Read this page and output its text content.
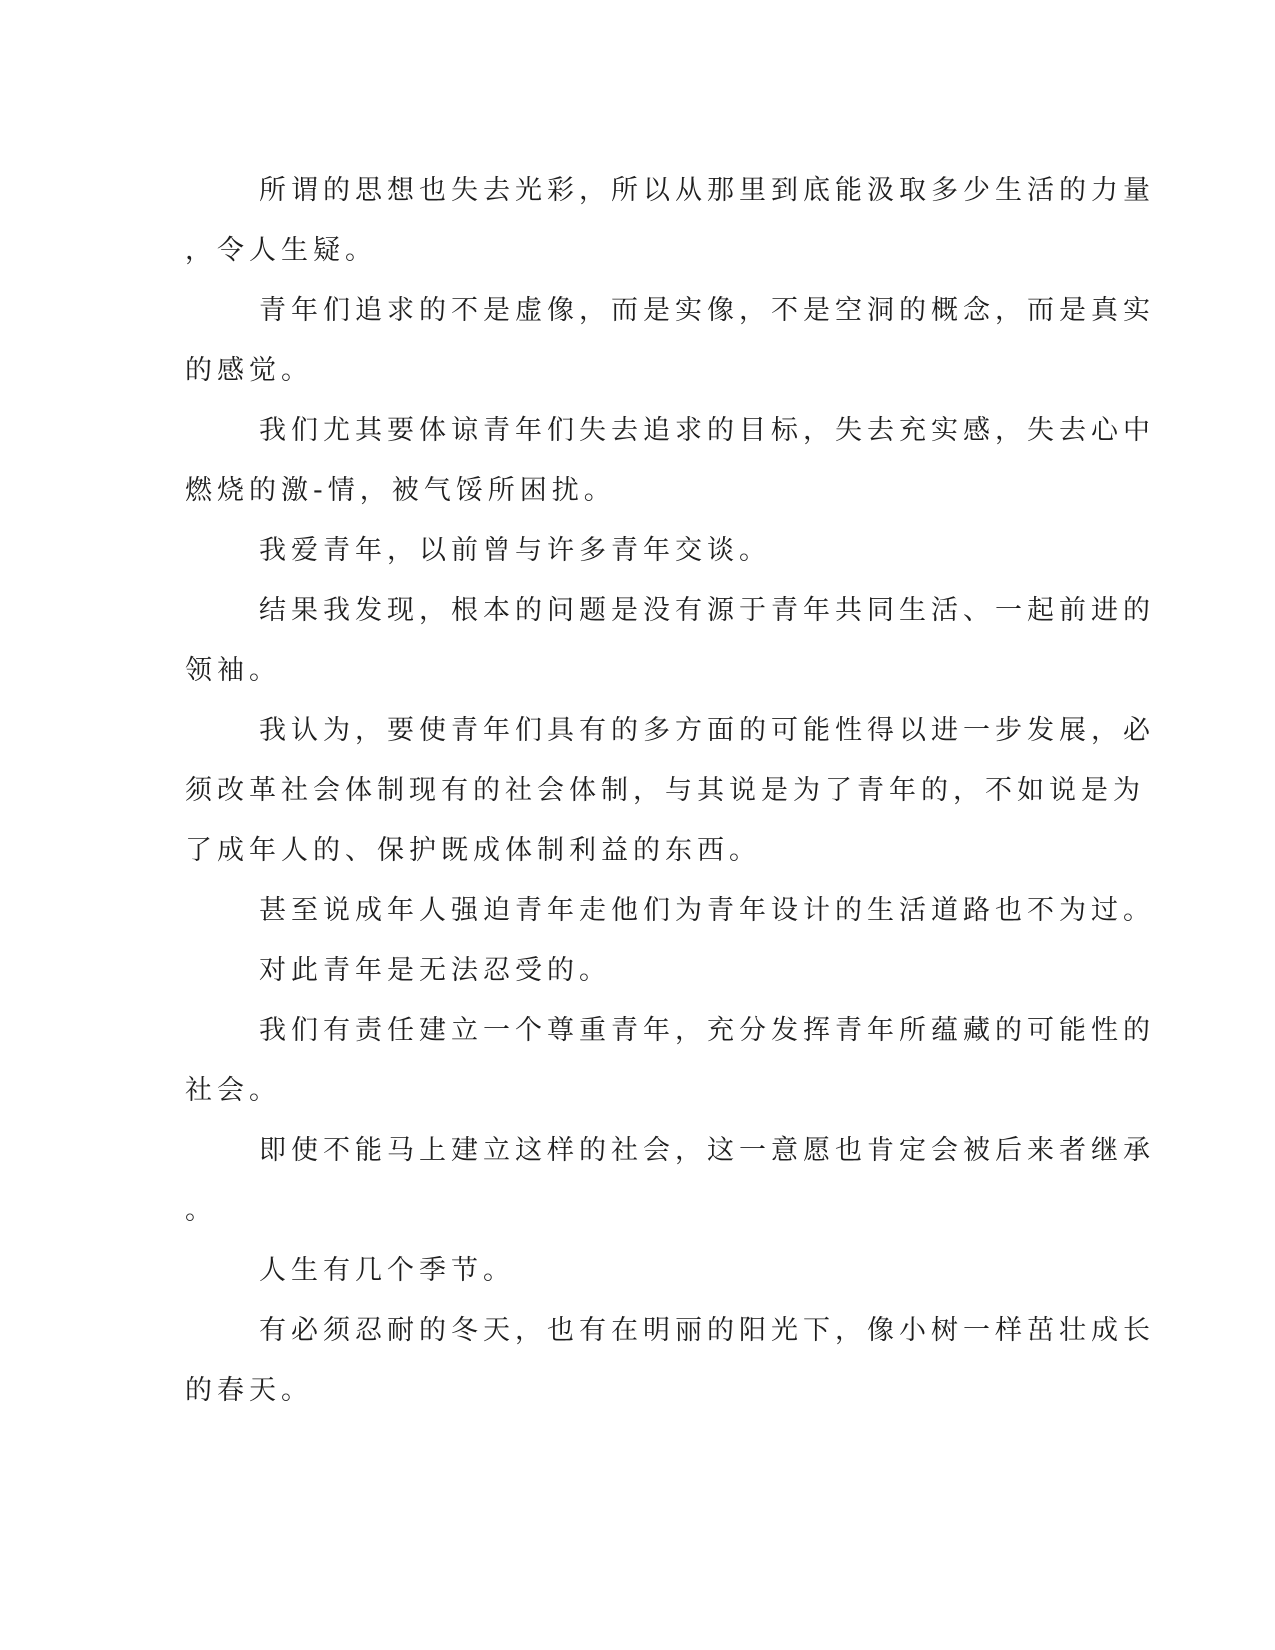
所谓的思想也失去光彩，所以从那里到底能汲取多少生活的力量
，令人生疑。
青年们追求的不是虚像，而是实像，不是空洞的概念，而是真实
的感觉。
我们尤其要体谅青年们失去追求的目标，失去充实感，失去心中
燃烧的激-情，被气馁所困扰。
我爱青年，以前曾与许多青年交谈。
结果我发现，根本的问题是没有源于青年共同生活、一起前进的
领袖。
我认为，要使青年们具有的多方面的可能性得以进一步发展，必
须改革社会体制现有的社会体制，与其说是为了青年的，不如说是为
了成年人的、保护既成体制利益的东西。
甚至说成年人强迫青年走他们为青年设计的生活道路也不为过。
对此青年是无法忍受的。
我们有责任建立一个尊重青年，充分发挥青年所蕴藏的可能性的
社会。
即使不能马上建立这样的社会，这一意愿也肯定会被后来者继承
。
人生有几个季节。
有必须忍耐的冬天，也有在明丽的阳光下，像小树一样茁壮成长
的春天。
